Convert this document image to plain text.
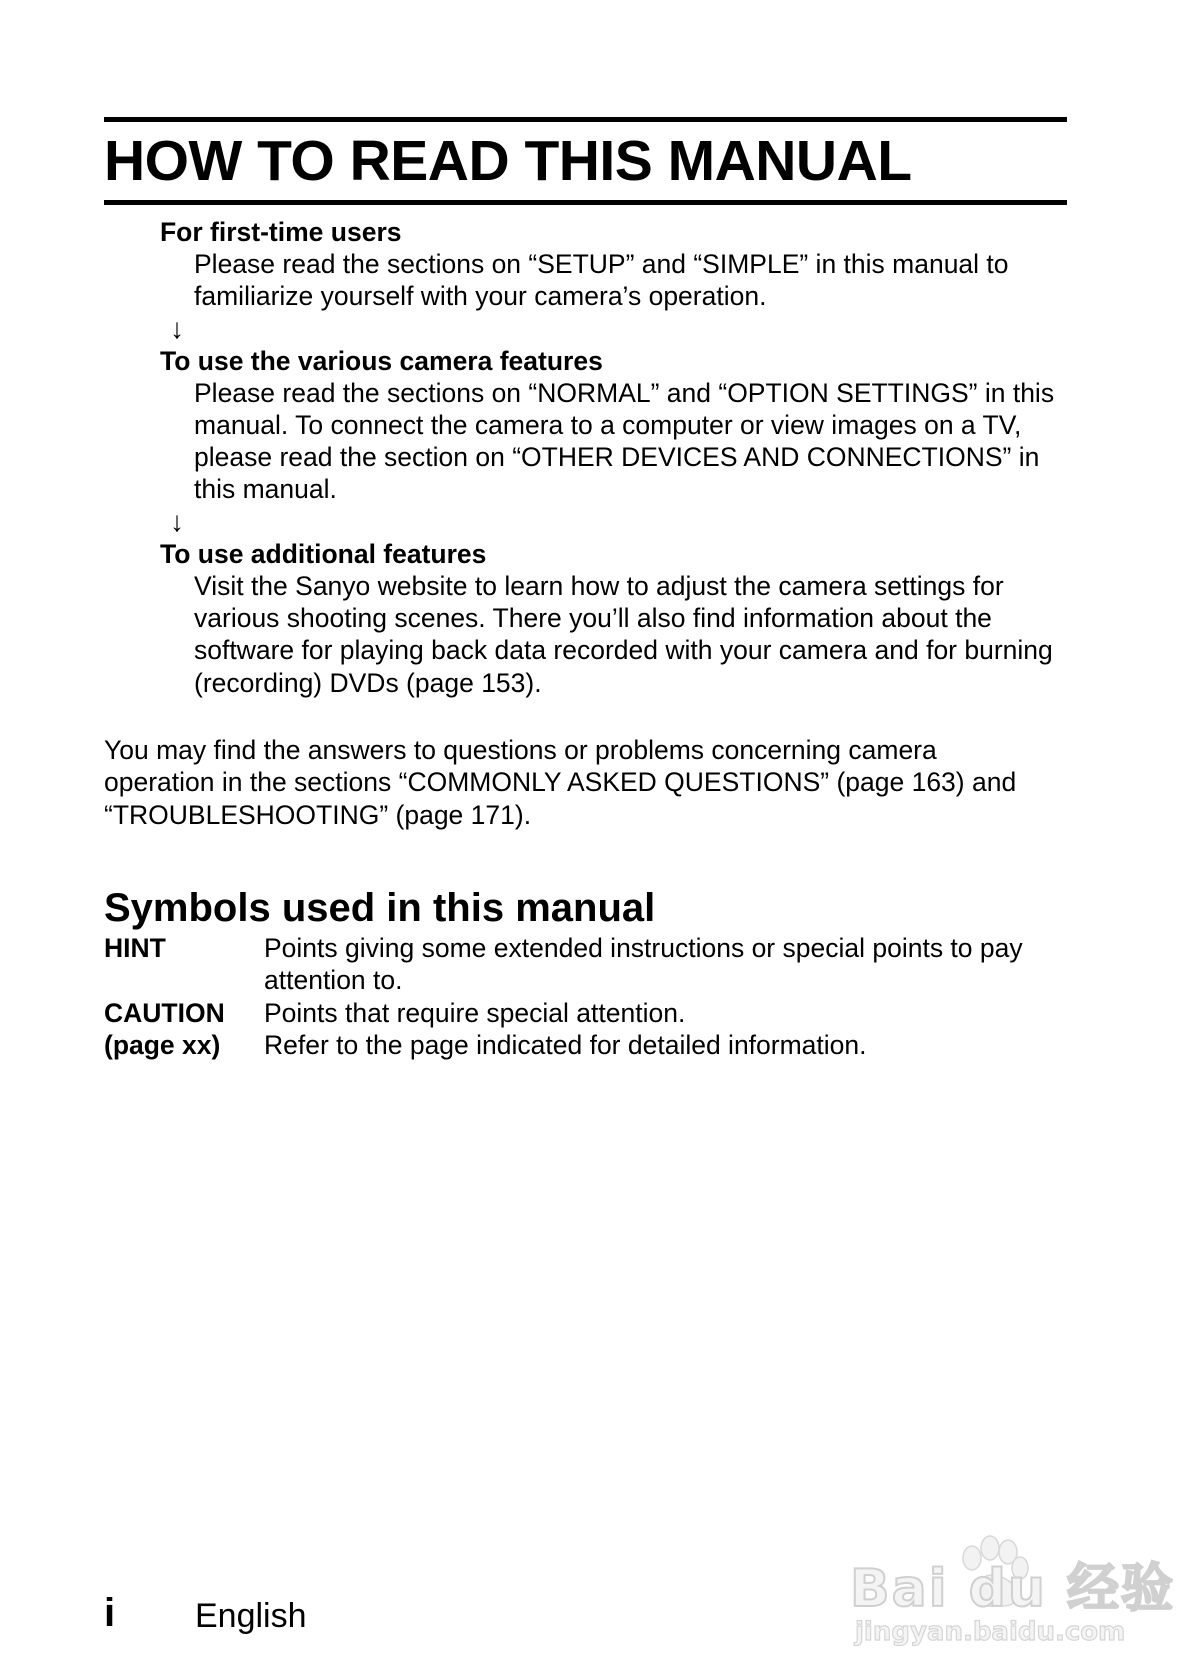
HOW TO READ THIS MANUAL
For first-time users
Please read the sections on “SETUP” and “SIMPLE” in this manual to familiarize yourself with your camera’s operation.
↓
To use the various camera features
Please read the sections on “NORMAL” and “OPTION SETTINGS” in this manual. To connect the camera to a computer or view images on a TV, please read the section on “OTHER DEVICES AND CONNECTIONS” in this manual.
↓
To use additional features
Visit the Sanyo website to learn how to adjust the camera settings for various shooting scenes. There you’ll also find information about the software for playing back data recorded with your camera and for burning (recording) DVDs (page 153).

You may find the answers to questions or problems concerning camera operation in the sections “COMMONLY ASKED QUESTIONS” (page 163) and “TROUBLESHOOTING” (page 171).

Symbols used in this manual
HINT	Points giving some extended instructions or special points to pay attention to.
CAUTION	Points that require special attention.
(page xx)	Refer to the page indicated for detailed information.
i English	Bai du 经验
jingyan.baidu.com
